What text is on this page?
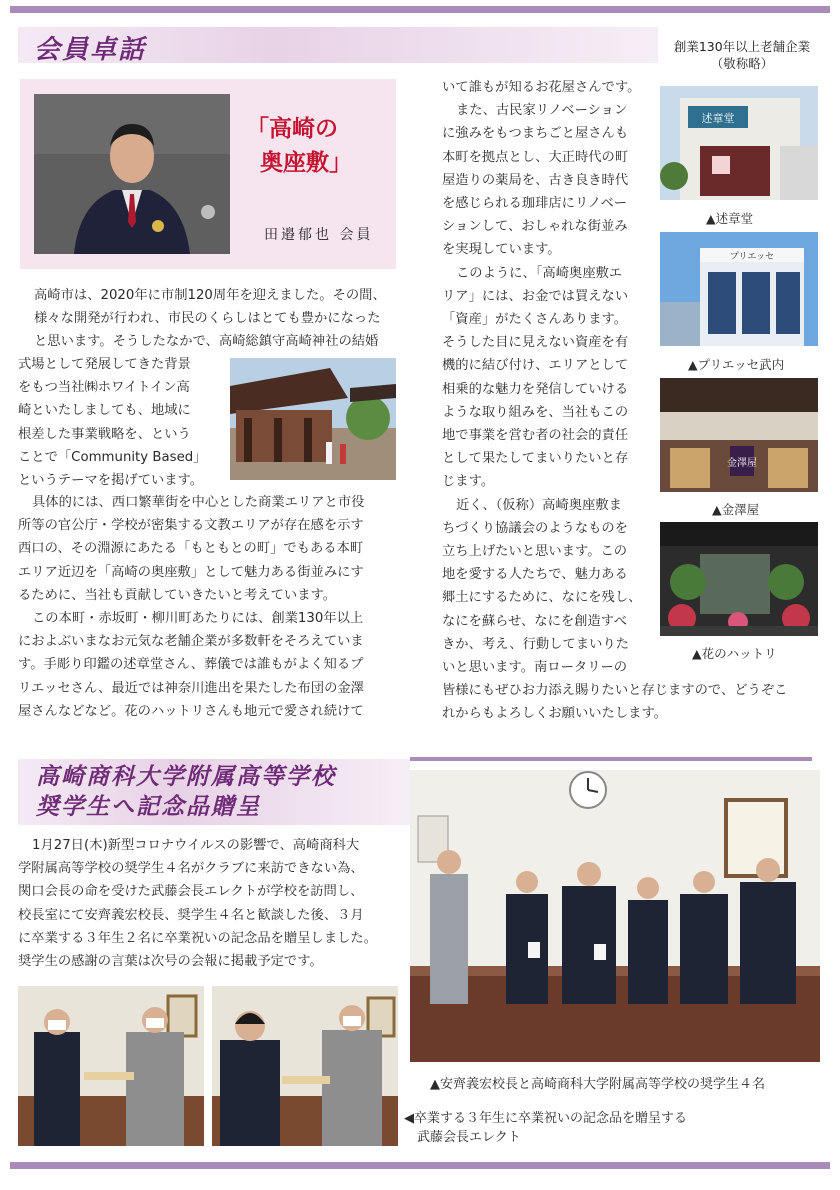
会員卓話	創業130年以上老舗企業
（敬称略）
「高崎の
奥座敷」
田邉郁也 会員
高崎市は、2020年に市制120周年を迎えました。その間、
様々な開発が行われ、市民のくらしはとても豊かになった
と思います。そうしたなかで、高崎総鎮守高崎神社の結婚
式場として発展してきた背景
をもつ当社㈱ホワイトイン高
崎といたしましても、地域に
根差した事業戦略を、という
ことで「Community Based」
というテーマを掲げています。
具体的には、西口繁華街を中心とした商業エリアと市役
所等の官公庁・学校が密集する文教エリアが存在感を示す
西口の、その淵源にあたる「もともとの町」でもある本町
エリア近辺を「高崎の奥座敷」として魅力ある街並みにす
るために、当社も貢献していきたいと考えています。
この本町・赤坂町・柳川町あたりには、創業130年以上
におよぶいまなお元気な老舗企業が多数軒をそろえていま
す。手彫り印鑑の述章堂さん、葬儀では誰もがよく知るプ
リエッセさん、最近では神奈川進出を果たした布団の金澤
屋さんなどなど。花のハットリさんも地元で愛され続けて
いて誰もが知るお花屋さんです。
また、古民家リノベーション
に強みをもつまちごと屋さんも
本町を拠点とし、大正時代の町
屋造りの薬局を、古き良き時代
を感じられる珈琲店にリノベー
ションして、おしゃれな街並み
を実現しています。
このように、「高崎奥座敷エ
リア」には、お金では買えない
「資産」がたくさんあります。
そうした目に見えない資産を有
機的に結び付け、エリアとして
相乗的な魅力を発信していける
ような取り組みを、当社もこの
地で事業を営む者の社会的責任
として果たしてまいりたいと存
じます。
近く、（仮称）高崎奥座敷ま
ちづくり協議会のようなものを
立ち上げたいと思います。この
地を愛する人たちで、魅力ある
郷土にするために、なにを残し、
なにを蘇らせ、なにを創造すべ
きか、考え、行動してまいりた
いと思います。南ロータリーの
皆様にもぜひお力添え賜りたいと存じますので、どうぞこ
れからもよろしくお願いいたします。
述章堂
▲述章堂
プリエッセ
▲プリエッセ武内
金澤屋
▲金澤屋
▲花のハットリ
高崎商科大学附属高等学校
奨学生へ記念品贈呈
1月27日(木)新型コロナウイルスの影響で、高崎商科大
学附属高等学校の奨学生４名がクラブに来訪できない為、
関口会長の命を受けた武藤会長エレクトが学校を訪問し、
校長室にて安齊義宏校長、奨学生４名と歓談した後、３月
に卒業する３年生２名に卒業祝いの記念品を贈呈しました。
奨学生の感謝の言葉は次号の会報に掲載予定です。
▲安齊義宏校長と高崎商科大学附属高等学校の奨学生４名
◀卒業する３年生に卒業祝いの記念品を贈呈する
　武藤会長エレクト
